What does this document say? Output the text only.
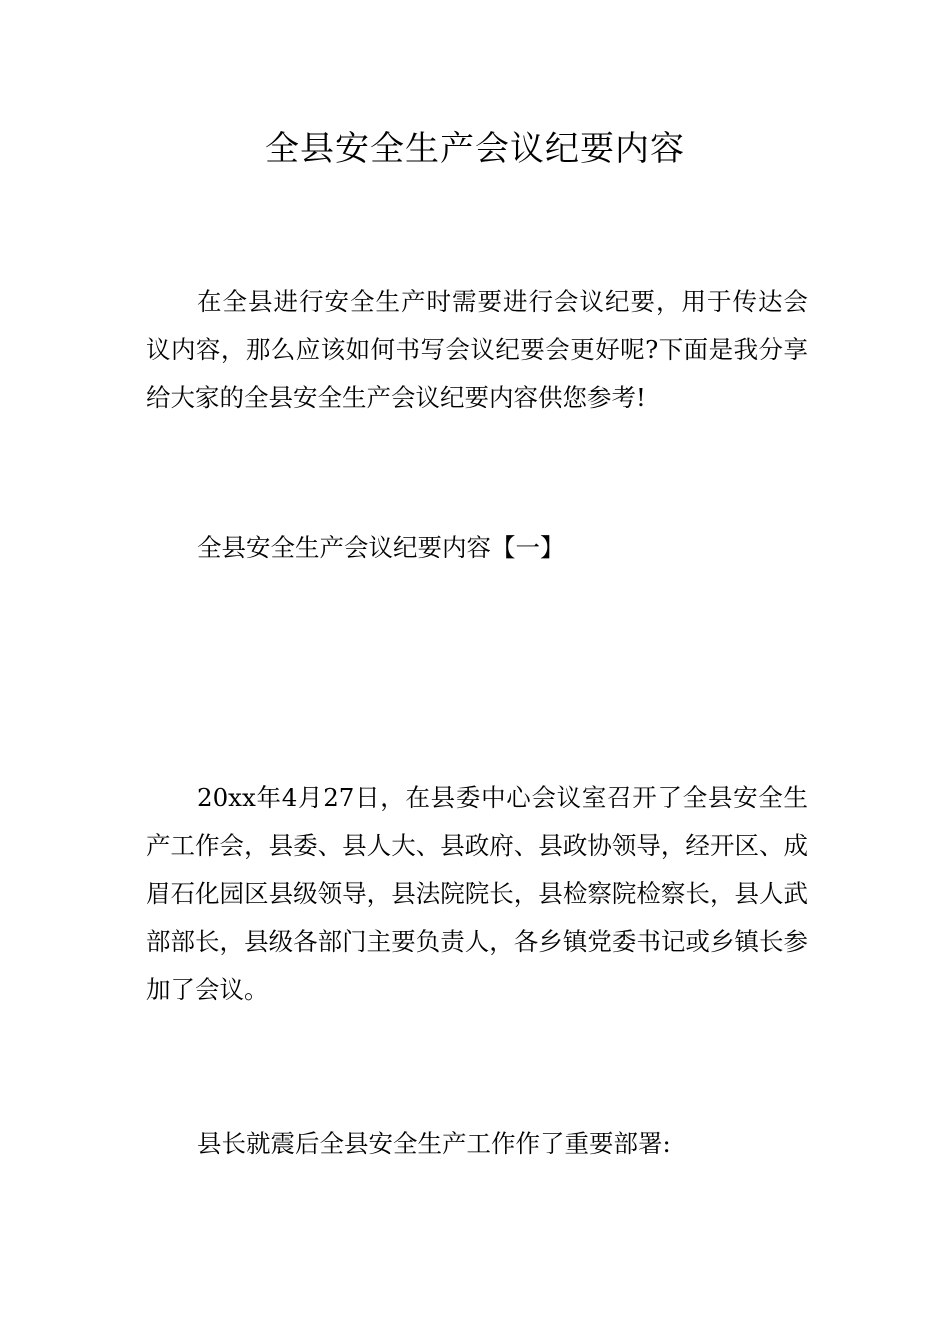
全县安全生产会议纪要内容

在全县进行安全生产时需要进行会议纪要，用于传达会议内容，那么应该如何书写会议纪要会更好呢?下面是我分享给大家的全县安全生产会议纪要内容供您参考!

全县安全生产会议纪要内容【一】

20xx年4月27日，在县委中心会议室召开了全县安全生产工作会，县委、县人大、县政府、县政协领导，经开区、成眉石化园区县级领导，县法院院长，县检察院检察长，县人武部部长，县级各部门主要负责人，各乡镇党委书记或乡镇长参加了会议。

县长就震后全县安全生产工作作了重要部署:
